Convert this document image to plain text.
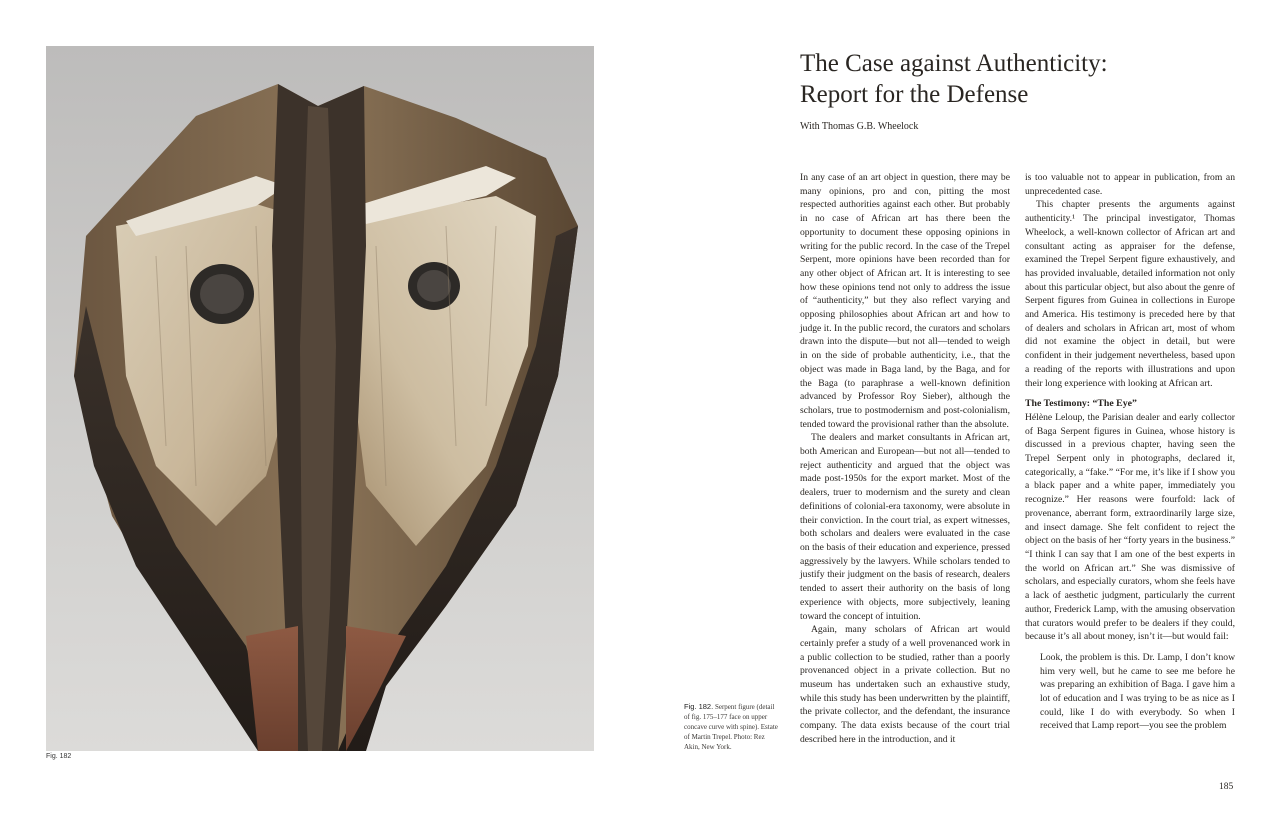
Fig. 182
Fig. 182. Serpent figure (detail of fig. 175–177 face on upper concave curve with spine). Estate of Martin Trepel. Photo: Rez Akin, New York.
The Case against Authenticity:
Report for the Defense
With Thomas G.B. Wheelock

In any case of an art object in question, there may be many opinions, pro and con, pitting the most respected authorities against each other. But probably in no case of African art has there been the opportunity to document these opposing opinions in writing for the public record. In the case of the Trepel Serpent, more opinions have been recorded than for any other object of African art. It is interesting to see how these opinions tend not only to address the issue of “authenticity,” but they also reflect varying and opposing philosophies about African art and how to judge it. In the public record, the curators and scholars drawn into the dispute—but not all—tended to weigh in on the side of probable authenticity, i.e., that the object was made in Baga land, by the Baga, and for the Baga (to paraphrase a well-known definition advanced by Professor Roy Sieber), although the scholars, true to postmodernism and post-colonialism, tended toward the provisional rather than the absolute.

The dealers and market consultants in African art, both American and European—but not all—tended to reject authenticity and argued that the object was made post-1950s for the export market. Most of the dealers, truer to modernism and the surety and clean definitions of colonial-era taxonomy, were absolute in their conviction. In the court trial, as expert witnesses, both scholars and dealers were evaluated in the case on the basis of their education and experience, pressed aggressively by the lawyers. While scholars tended to justify their judgment on the basis of research, dealers tended to assert their authority on the basis of long experience with objects, more subjectively, leaning toward the concept of intuition.

Again, many scholars of African art would certainly prefer a study of a well provenanced work in a public collection to be studied, rather than a poorly provenanced object in a private collection. But no museum has undertaken such an exhaustive study, while this study has been underwritten by the plaintiff, the private collector, and the defendant, the insurance company. The data exists because of the court trial described here in the introduction, and it

is too valuable not to appear in publication, from an unprecedented case.

This chapter presents the arguments against authenticity.¹ The principal investigator, Thomas Wheelock, a well-known collector of African art and consultant acting as appraiser for the defense, examined the Trepel Serpent figure exhaustively, and has provided invaluable, detailed information not only about this particular object, but also about the genre of Serpent figures from Guinea in collections in Europe and America. His testimony is preceded here by that of dealers and scholars in African art, most of whom did not examine the object in detail, but were confident in their judgement nevertheless, based upon a reading of the reports with illustrations and upon their long experience with looking at African art.

The Testimony: “The Eye”

Hélène Leloup, the Parisian dealer and early collector of Baga Serpent figures in Guinea, whose history is discussed in a previous chapter, having seen the Trepel Serpent only in photographs, declared it, categorically, a “fake.” “For me, it’s like if I show you a black paper and a white paper, immediately you recognize.” Her reasons were fourfold: lack of provenance, aberrant form, extraordinarily large size, and insect damage. She felt confident to reject the object on the basis of her “forty years in the business.” “I think I can say that I am one of the best experts in the world on African art.” She was dismissive of scholars, and especially curators, whom she feels have a lack of aesthetic judgment, particularly the current author, Frederick Lamp, with the amusing observation that curators would prefer to be dealers if they could, because it’s all about money, isn’t it—but would fail:

Look, the problem is this. Dr. Lamp, I don’t know him very well, but he came to see me before he was preparing an exhibition of Baga. I gave him a lot of education and I was trying to be as nice as I could, like I do with everybody. So when I received that Lamp report—you see the problem

185
